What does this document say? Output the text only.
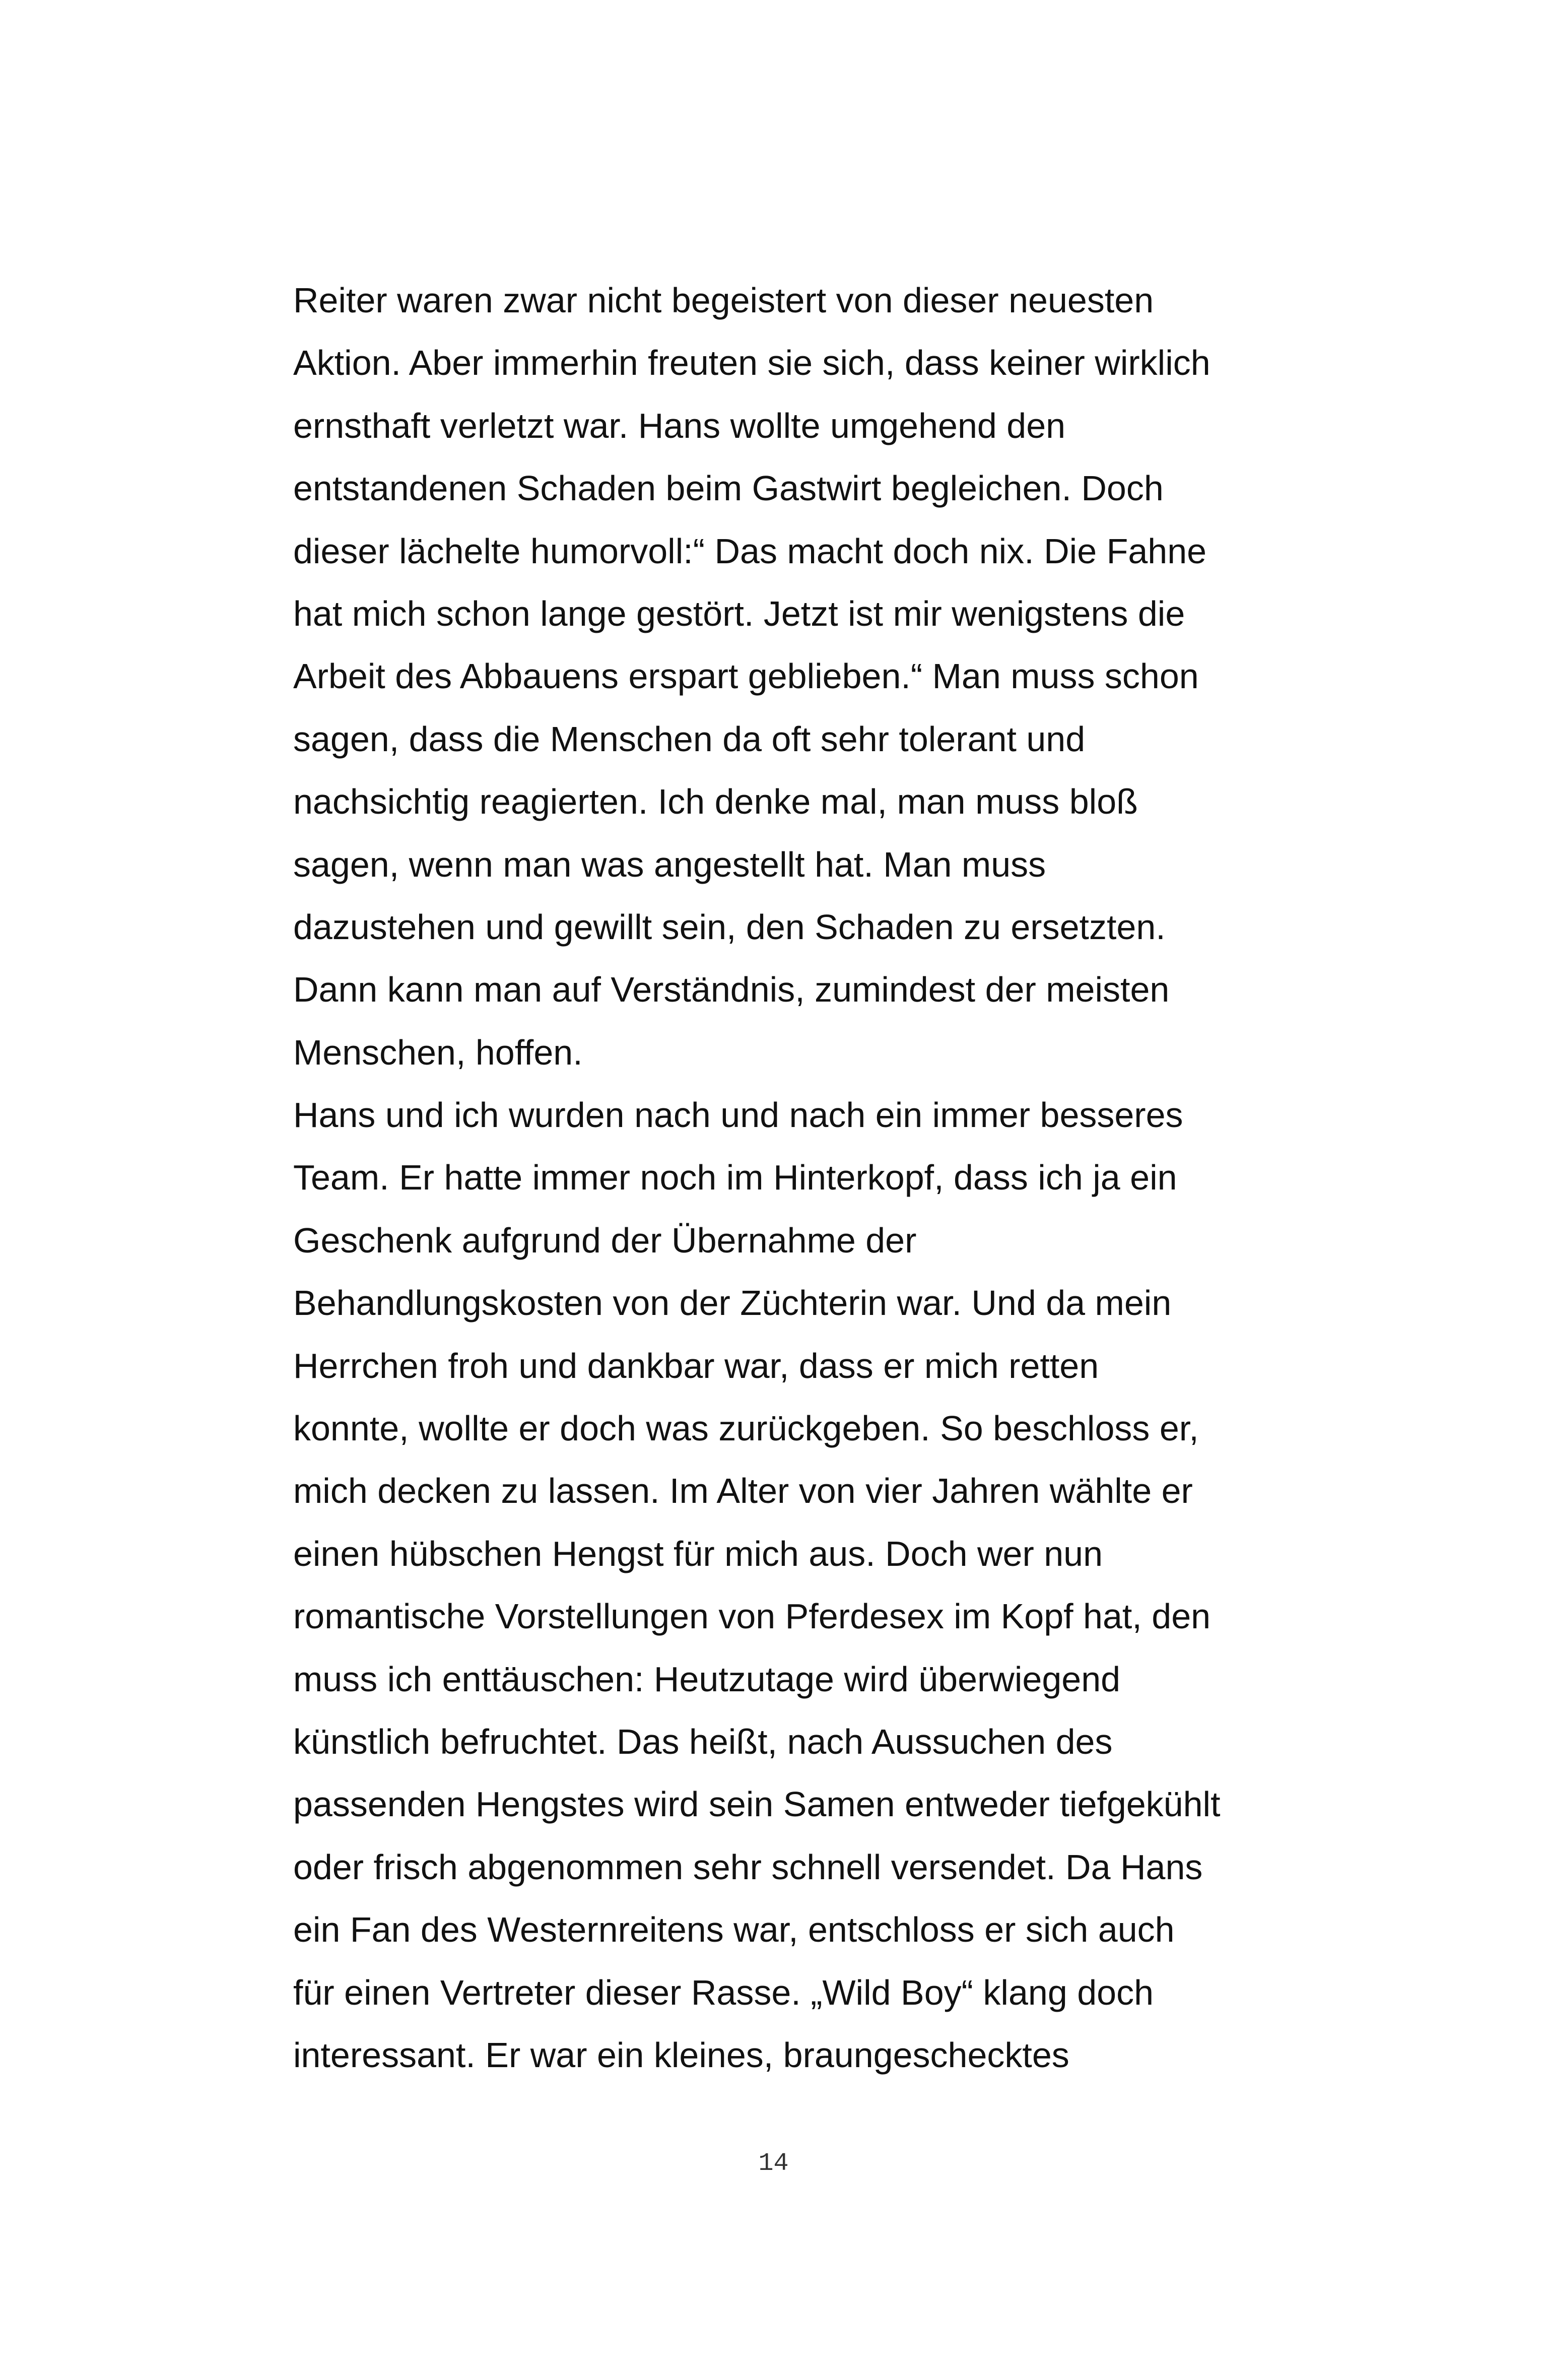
Reiter waren zwar nicht begeistert von dieser neuesten
Aktion. Aber immerhin freuten sie sich, dass keiner wirklich
ernsthaft verletzt war. Hans wollte umgehend den
entstandenen Schaden beim Gastwirt begleichen. Doch
dieser lächelte humorvoll:“ Das macht doch nix. Die Fahne
hat mich schon lange gestört. Jetzt ist mir wenigstens die
Arbeit des Abbauens erspart geblieben.“ Man muss schon
sagen, dass die Menschen da oft sehr tolerant und
nachsichtig reagierten. Ich denke mal, man muss bloß
sagen, wenn man was angestellt hat. Man muss
dazustehen und gewillt sein, den Schaden zu ersetzten.
Dann kann man auf Verständnis, zumindest der meisten
Menschen, hoffen.
Hans und ich wurden nach und nach ein immer besseres
Team. Er hatte immer noch im Hinterkopf, dass ich ja ein
Geschenk aufgrund der Übernahme der
Behandlungskosten von der Züchterin war. Und da mein
Herrchen froh und dankbar war, dass er mich retten
konnte, wollte er doch was zurückgeben. So beschloss er,
mich decken zu lassen. Im Alter von vier Jahren wählte er
einen hübschen Hengst für mich aus. Doch wer nun
romantische Vorstellungen von Pferdesex im Kopf hat, den
muss ich enttäuschen: Heutzutage wird überwiegend
künstlich befruchtet. Das heißt, nach Aussuchen des
passenden Hengstes wird sein Samen entweder tiefgekühlt
oder frisch abgenommen sehr schnell versendet. Da Hans
ein Fan des Westernreitens war, entschloss er sich auch
für einen Vertreter dieser Rasse. „Wild Boy“ klang doch
interessant. Er war ein kleines, braungescheckte​s
14
